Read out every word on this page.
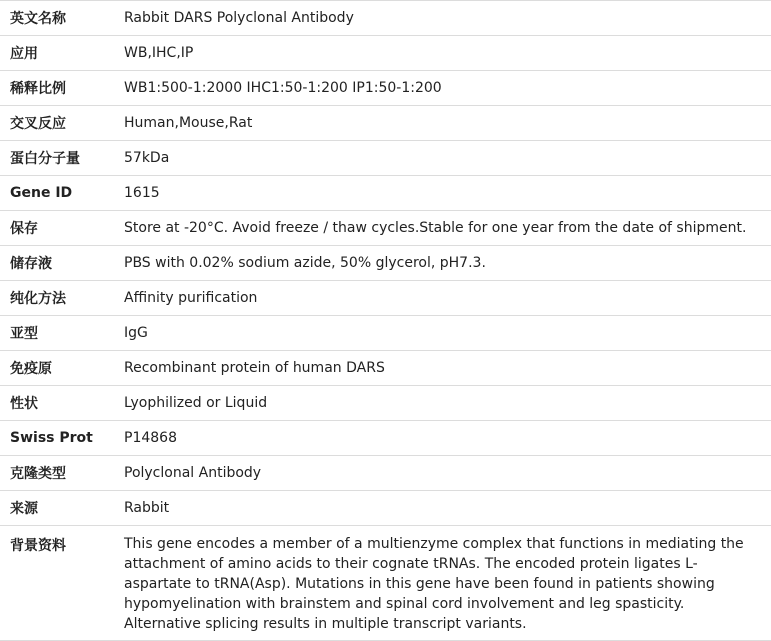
英文名称	Rabbit DARS Polyclonal Antibody
应用	WB,IHC,IP
稀释比例	WB1:500-1:2000 IHC1:50-1:200 IP1:50-1:200
交叉反应	Human,Mouse,Rat
蛋白分子量	57kDa
Gene ID	1615
保存	Store at -20°C. Avoid freeze / thaw cycles.Stable for one year from the date of shipment.
储存液	PBS with 0.02% sodium azide, 50% glycerol, pH7.3.
纯化方法	Affinity purification
亚型	IgG
免疫原	Recombinant protein of human DARS
性状	Lyophilized or Liquid
Swiss Prot	P14868
克隆类型	Polyclonal Antibody
来源	Rabbit
背景资料	This gene encodes a member of a multienzyme complex that functions in mediating the attachment of amino acids to their cognate tRNAs. The encoded protein ligates L-aspartate to tRNA(Asp). Mutations in this gene have been found in patients showing hypomyelination with brainstem and spinal cord involvement and leg spasticity. Alternative splicing results in multiple transcript variants.
